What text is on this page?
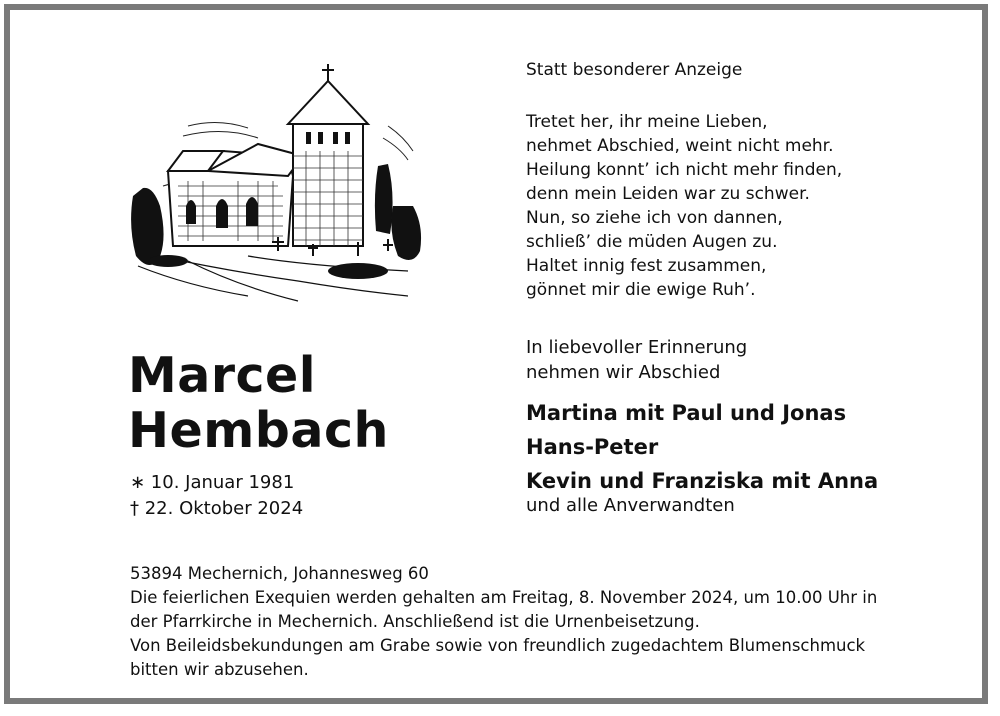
Statt besonderer Anzeige
Tretet her, ihr meine Lieben,
nehmet Abschied, weint nicht mehr.
Heilung konnt’ ich nicht mehr finden,
denn mein Leiden war zu schwer.
Nun, so ziehe ich von dannen,
schließ’ die müden Augen zu.
Haltet innig fest zusammen,
gönnet mir die ewige Ruh’.
Marcel
Hembach
∗ 10. Januar 1981
† 22. Oktober 2024
In liebevoller Erinnerung
nehmen wir Abschied
Martina mit Paul und Jonas
Hans-Peter
Kevin und Franziska mit Anna
und alle Anverwandten
53894 Mechernich, Johannesweg 60
Die feierlichen Exequien werden gehalten am Freitag, 8. November 2024, um 10.00 Uhr in
der Pfarrkirche in Mechernich. Anschließend ist die Urnenbeisetzung.
Von Beileidsbekundungen am Grabe sowie von freundlich zugedachtem Blumenschmuck
bitten wir abzusehen.
